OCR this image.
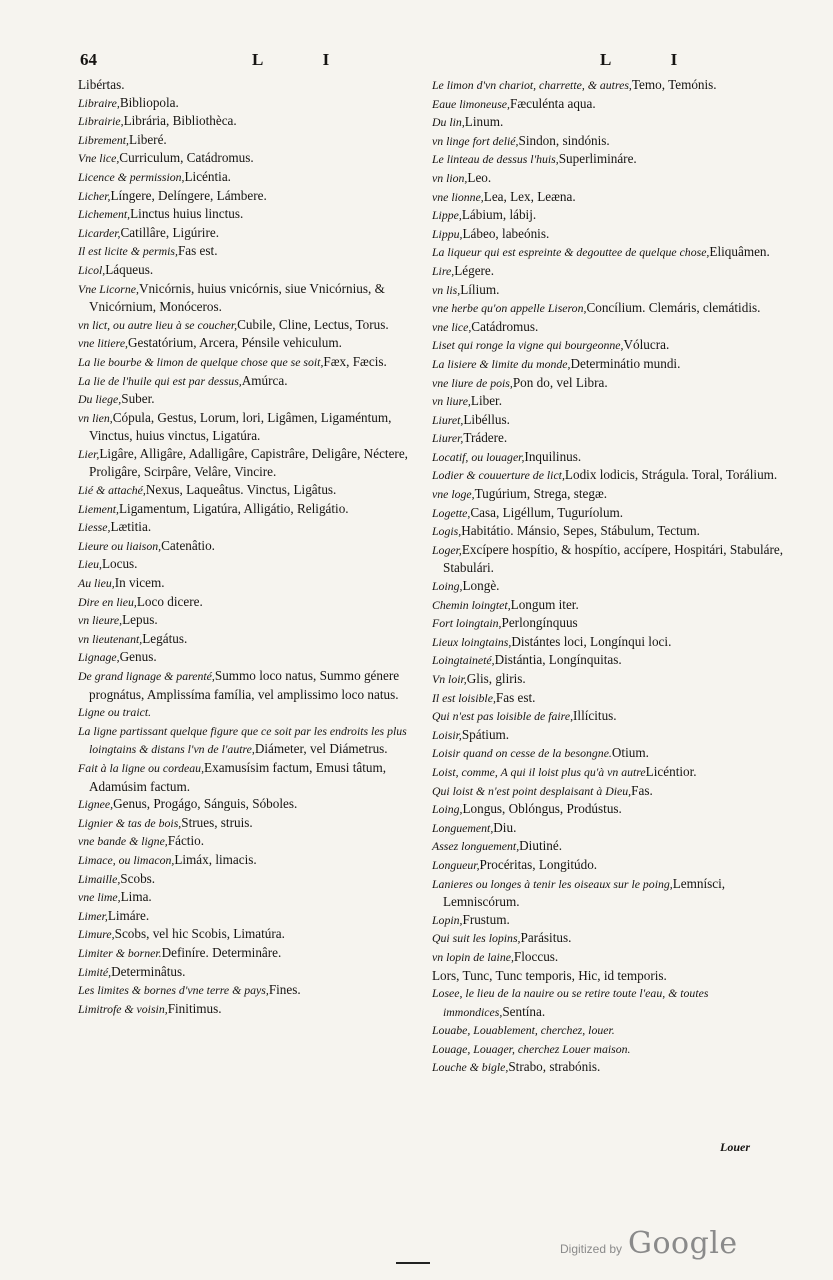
64	L I	L I

Libértas.

Libraire,Bibliopola.

Librairie,Librária, Bibliothèca.

Librement,Liberé.

Vne lice,Curriculum, Catádromus.

Licence & permission,Licéntia.

Licher,Língere, Delíngere, Lámbere.

Lichement,Linctus huius linctus.

Licarder,Catillâre, Ligúrire.

Il est licite & permis,Fas est.

Licol,Láqueus.

Vne Licorne,Vnicórnis, huius vnicórnis, siue Vnicórnius, & Vnicórnium, Monóceros.

vn lict, ou autre lieu à se coucher,Cubile, Cline, Lectus, Torus.

vne litiere,Gestatórium, Arcera, Pénsile vehiculum.

La lie bourbe & limon de quelque chose que se soit,Fæx, Fæcis.

La lie de l'huile qui est par dessus,Amúrca.

Du liege,Suber.

vn lien,Cópula, Gestus, Lorum, lori, Ligâmen, Ligaméntum, Vinctus, huius vinctus, Ligatúra.

Lier,Ligâre, Alligâre, Adalligâre, Capistrâre, Deligâre, Néctere, Proligâre, Scirpâre, Velâre, Vincire.

Lié & attaché,Nexus, Laqueâtus. Vinctus, Ligâtus.

Liement,Ligamentum, Ligatúra, Alligátio, Religátio.

Liesse,Lætitia.

Lieure ou liaison,Catenâtio.

Lieu,Locus.

Au lieu,In vicem.

Dire en lieu,Loco dicere.

vn lieure,Lepus.

vn lieutenant,Legátus.

Lignage,Genus.

De grand lignage & parenté,Summo loco natus, Summo génere prognátus, Amplissíma família, vel amplissimo loco natus.

Ligne ou traict.

La ligne partissant quelque figure que ce soit par les endroits les plus loingtains & distans l'vn de l'autre,Diámeter, vel Diámetrus.

Fait à la ligne ou cordeau,Examusísim factum, Emusi tâtum, Adamúsim factum.

Lignee,Genus, Progágo, Sánguis, Sóboles.

Lignier & tas de bois,Strues, struis.

vne bande & ligne,Fáctio.

Limace, ou limacon,Limáx, limacis.

Limaille,Scobs.

vne lime,Lima.

Limer,Limáre.

Limure,Scobs, vel hic Scobis, Limatúra.

Limiter & borner.Definíre. Determinâre.

Limité,Determinâtus.

Les limites & bornes d'vne terre & pays,Fines.

Limitrofe & voisin,Finitimus.

Le limon d'vn chariot, charrette, & autres,Temo, Temónis.

Eaue limoneuse,Fæculénta aqua.

Du lin,Linum.

vn linge fort delié,Sindon, sindónis.

Le linteau de dessus l'huis,Superlimináre.

vn lion,Leo.

vne lionne,Lea, Lex, Leæna.

Lippe,Lábium, lábij.

Lippu,Lábeo, labeónis.

La liqueur qui est espreinte & degouttee de quelque chose,Eliquâmen.

Lire,Légere.

vn lis,Lílium.

vne herbe qu'on appelle Liseron,Concílium. Clemáris, clemátidis.

vne lice,Catádromus.

Liset qui ronge la vigne qui bourgeonne,Vólucra.

La lisiere & limite du monde,Determinátio mundi.

vne liure de pois,Pon do, vel Libra.

vn liure,Liber.

Liuret,Libéllus.

Liurer,Trádere.

Locatif, ou louager,Inquilinus.

Lodier & couuerture de lict,Lodix lodicis, Strágula. Toral, Torálium.

vne loge,Tugúrium, Strega, stegæ.

Logette,Casa, Ligéllum, Tuguríolum.

Logis,Habitátio. Mánsio, Sepes, Stábulum, Tectum.

Loger,Excípere hospítio, & hospítio, accípere, Hospitári, Stabuláre, Stabulári.

Loing,Longè.

Chemin loingtet,Longum iter.

Fort loingtain,Perlongínquus

Lieux loingtains,Distántes loci, Longínqui loci.

Loingtaineté,Distántia, Longínquitas.

Vn loir,Glis, gliris.

Il est loisible,Fas est.

Qui n'est pas loisible de faire,Illícitus.

Loisir,Spátium.

Loisir quand on cesse de la besongne.Otium.

Loist, comme, A qui il loist plus qu'à vn autreLicéntior.

Qui loist & n'est point desplaisant à Dieu,Fas.

Loing,Longus, Oblóngus, Prodústus.

Longuement,Diu.

Assez longuement,Diutiné.

Longueur,Procéritas, Longitúdo.

Lanieres ou longes à tenir les oiseaux sur le poing,Lemnísci, Lemniscórum.

Lopin,Frustum.

Qui suit les lopins,Parásitus.

vn lopin de laine,Floccus.

Lors, Tunc, Tunc temporis, Hic, id temporis.

Losee, le lieu de la nauire ou se retire toute l'eau, & toutes immondices,Sentína.

Louabe, Louablement, cherchez, louer.

Louage, Louager, cherchez Louer maison.

Louche & bigle,Strabo, strabónis.

Louer
Digitized by Google
